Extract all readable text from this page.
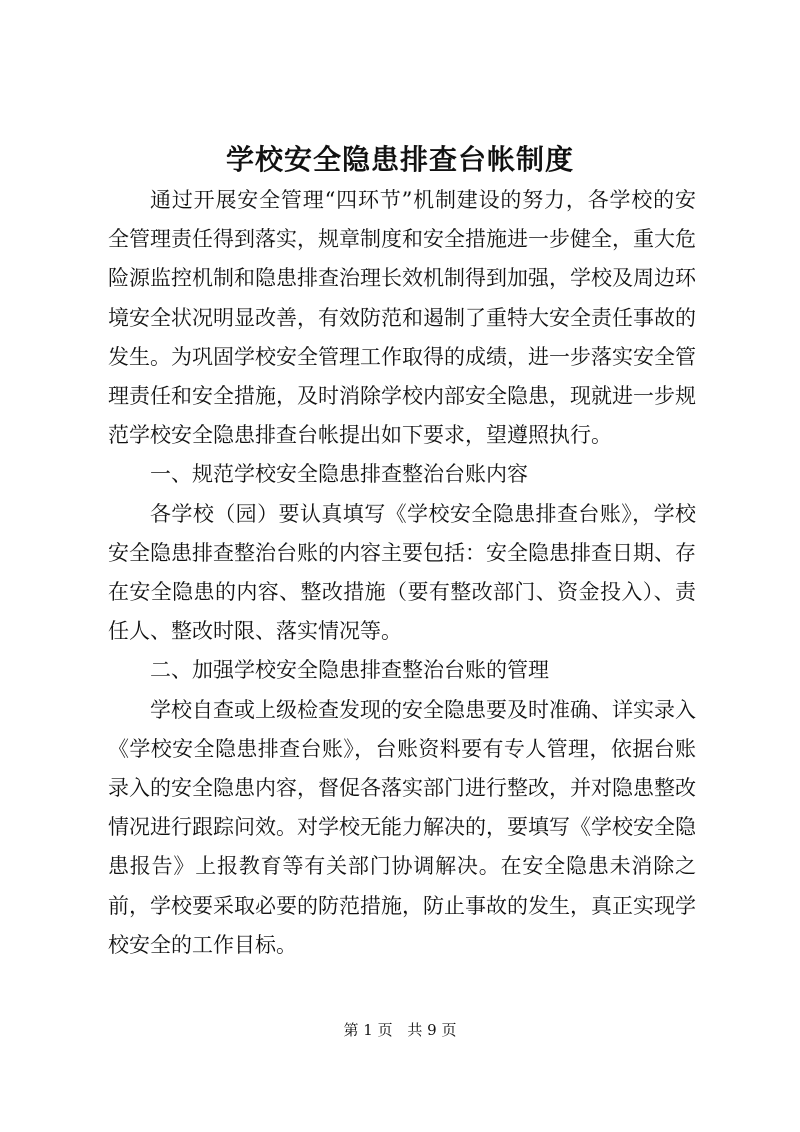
学校安全隐患排查台帐制度

通过开展安全管理“四环节”机制建设的努力，各学校的安全管理责任得到落实，规章制度和安全措施进一步健全，重大危险源监控机制和隐患排查治理长效机制得到加强，学校及周边环境安全状况明显改善，有效防范和遏制了重特大安全责任事故的发生。为巩固学校安全管理工作取得的成绩，进一步落实安全管理责任和安全措施，及时消除学校内部安全隐患，现就进一步规范学校安全隐患排查台帐提出如下要求，望遵照执行。

一、规范学校安全隐患排查整治台账内容

各学校（园）要认真填写《学校安全隐患排查台账》，学校安全隐患排查整治台账的内容主要包括：安全隐患排查日期、存在安全隐患的内容、整改措施（要有整改部门、资金投入）、责任人、整改时限、落实情况等。

二、加强学校安全隐患排查整治台账的管理

学校自查或上级检查发现的安全隐患要及时准确、详实录入《学校安全隐患排查台账》，台账资料要有专人管理，依据台账录入的安全隐患内容，督促各落实部门进行整改，并对隐患整改情况进行跟踪问效。对学校无能力解决的，要填写《学校安全隐患报告》上报教育等有关部门协调解决。在安全隐患未消除之前，学校要采取必要的防范措施，防止事故的发生，真正实现学校安全的工作目标。

第 1 页 共 9 页
